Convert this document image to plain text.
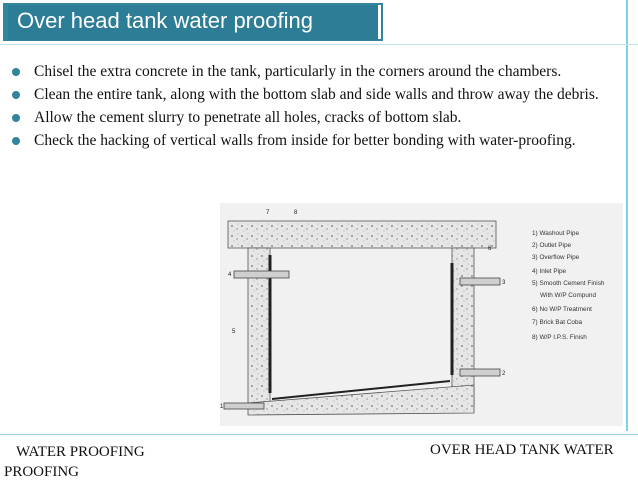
Over head tank water proofing
Chisel the extra concrete in the tank, particularly in the corners around the chambers.
Clean the entire tank, along with the bottom slab and side walls and throw away the debris.
Allow the cement slurry to penetrate all holes, cracks of bottom slab.
Check the hacking of vertical walls from inside for better bonding with water-proofing.
7	8
6
3
4
5
2
1
1) Washout Pipe
2) Outlet Pipe
3) Overflow Pipe
4) Inlet Pipe
5) Smooth Cement Finish
With W/P Compund
6) No W/P Treatment
7) Brick Bat Coba
8) W/P I.P.S. Finish
WATER PROOFING
PROOFING
OVER HEAD TANK WATER
